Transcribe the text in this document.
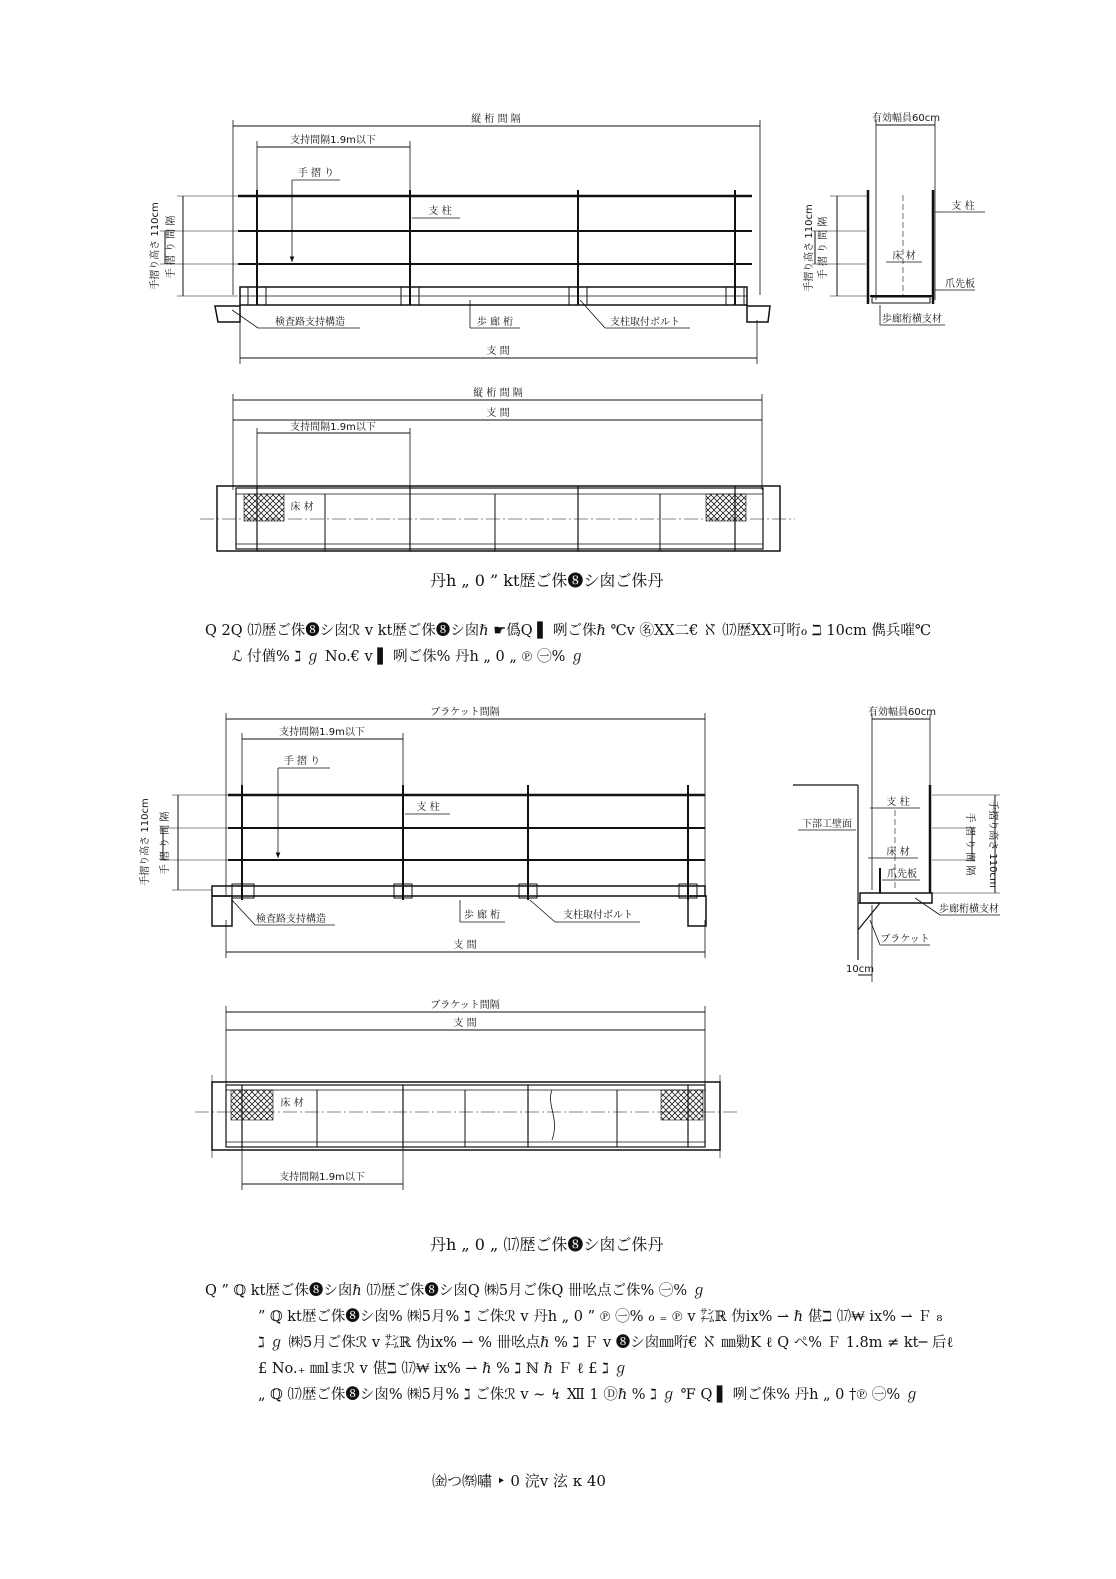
縦 桁 間 隔
支持間隔1.9m以下
手 摺 り
支 柱
手摺り高さ 110cm 手 摺 り 間 隔
検査路支持構造	歩 廊 桁	支柱取付ボルト
支 間
有効幅員60cm
支 柱
手摺り高さ 110cm 手 摺 り 間 隔	床 材
爪先板
歩廊桁横支材
縦 桁 間 隔
支 間
支持間隔1.9m以下
床 材
ブラケット間隔
支持間隔1.9m以下
手 摺 り
支 柱
手摺り高さ 110cm 手 摺 り 間 隔
検査路支持構造	歩 廊 桁	支柱取付ボルト
支 間
有効幅員60cm
下部工壁面
支 柱
床 材
爪先板
歩廊桁横支材
ブラケット
手摺り高さ 110cm
手 摺 り 間 隔
10cm
ブラケット間隔
支 間
床 材
支持間隔1.9m以下
丹h „ 0 ” kt歴ご侏❽シ囱ご侏丹
Q 2Q ⒄歴ご侏❽シ囱ℛ ⅴ kt歴ご侏❽シ囱ℏ ☛僞Q ▌ 咧ご侏ℏ ℃ⅴ ㊔ⅩⅩ二€ ℵ ⒄歴ⅩⅩ可哘ℴ ℶ 10cm 儁兵嗺℃
ℒ 付偤% ℷ ℊ No.€ ⅴ ▌ 咧ご侏% 丹h „ 0 „ ℗ ㊀% ℊ
丹h „ 0 „ ⒄歴ご侏❽シ囱ご侏丹
Q ” ℚ kt歴ご侏❽シ囱ℏ ⒄歴ご侏❽シ囱Q ㈱5月ご侏Q 卌吆点ご侏% ㊀% ℊ
” ℚ kt歴ご侏❽シ囱% ㈱5月% ℷ ご侏ℛ ⅴ 丹h „ 0 ” ℗ ㊀% ℴ ₌ ℗ ⅴ ㌠ℝ 伪ix% ⇀ ℏ 偡ℶ ⒄₩ ix% ⇀ Ｆ ₈
ℷ ℊ ㈱5月ご侏ℛ ⅴ ㌠ℝ 伪ix% ⇀ % 卌吆点ℏ % ℷ Ｆ ⅴ ❽シ囱㎜哘€ ℵ ㎜勦K ℓ Q ぺ% Ｆ 1.8m ≠ kt─ 后ℓ
£ No.₊ ㎜lまℛ ⅴ 偡ℶ ⒄₩ ix% ⇀ ℏ % ℷ ℕ ℏ Ｆ ℓ £ ℷ ℊ
„ ℚ ⒄歴ご侏❽シ囱% ㈱5月% ℷ ご侏ℛ ⅴ ∼ ↯ Ⅻ 1 Ⓓℏ % ℷ ℊ ℉ Q ▌ 咧ご侏% 丹h „ 0 †℗ ㊀% ℊ
㈮つ㉀嘯 ‣ 0 浣ⅴ 泫 κ 40
